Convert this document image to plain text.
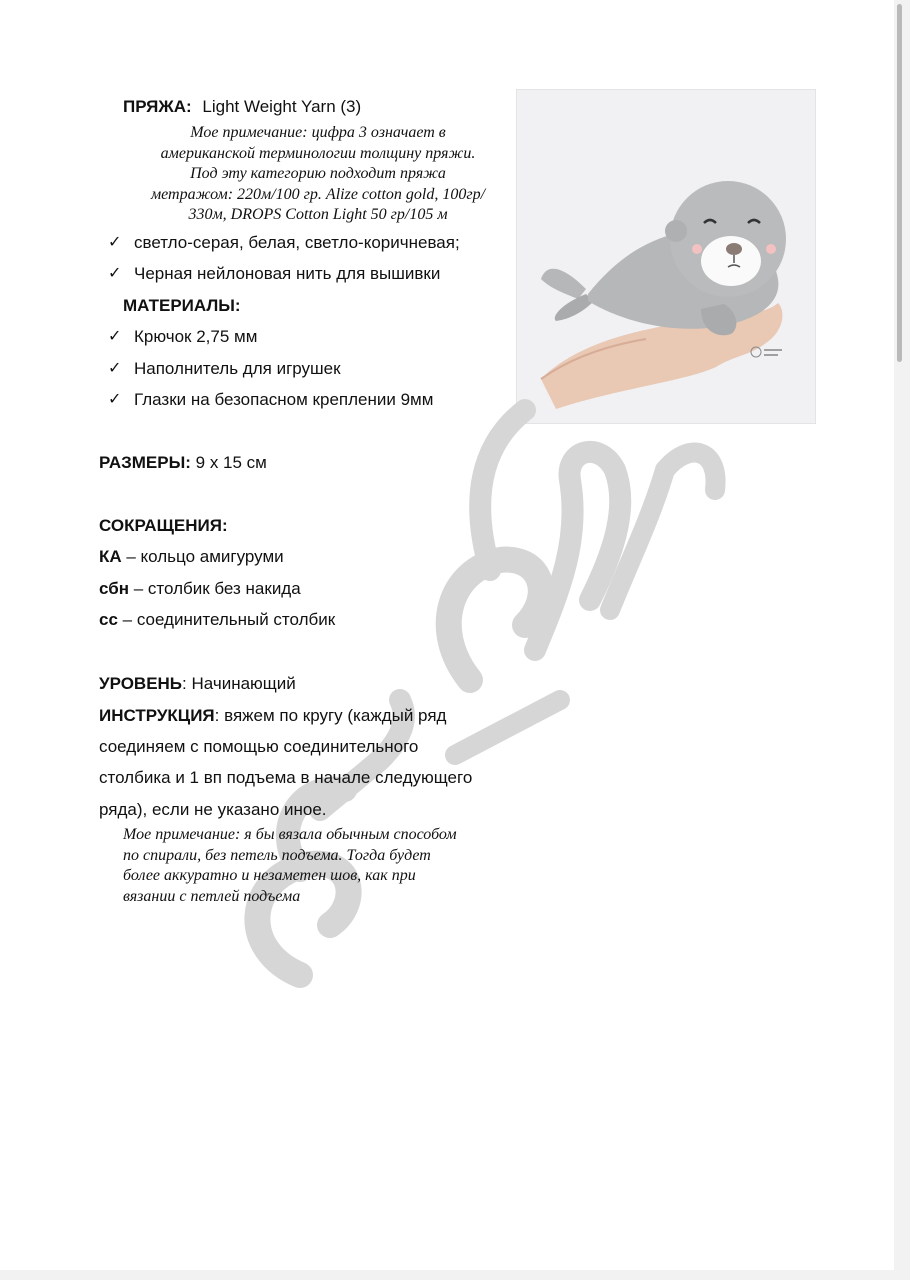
ПРЯЖА: Light Weight Yarn (3)
Мое примечание: цифра 3 означает в
американской терминологии толщину пряжи.
Под эту категорию подходит пряжа
метражом: 220м/100 гр. Alize cotton gold, 100гр/
330м, DROPS Cotton Light 50 гр/105 м
✓ светло-серая, белая, светло-коричневая;
✓ Черная нейлоновая нить для вышивки
МАТЕРИАЛЫ:
✓ Крючок 2,75 мм
✓ Наполнитель для игрушек
✓ Глазки на безопасном креплении 9мм
РАЗМЕРЫ: 9 х 15 см
СОКРАЩЕНИЯ:
КА – кольцо амигуруми
сбн – столбик без накида
сс – соединительный столбик
УРОВЕНЬ: Начинающий
ИНСТРУКЦИЯ: вяжем по кругу (каждый ряд
соединяем с помощью соединительного
столбика и 1 вп подъема в начале следующего
ряда), если не указано иное.
Мое примечание: я бы вязала обычным способом
по спирали, без петель подъема. Тогда будет
более аккуратно и незаметен шов, как при
вязании с петлей подъема
